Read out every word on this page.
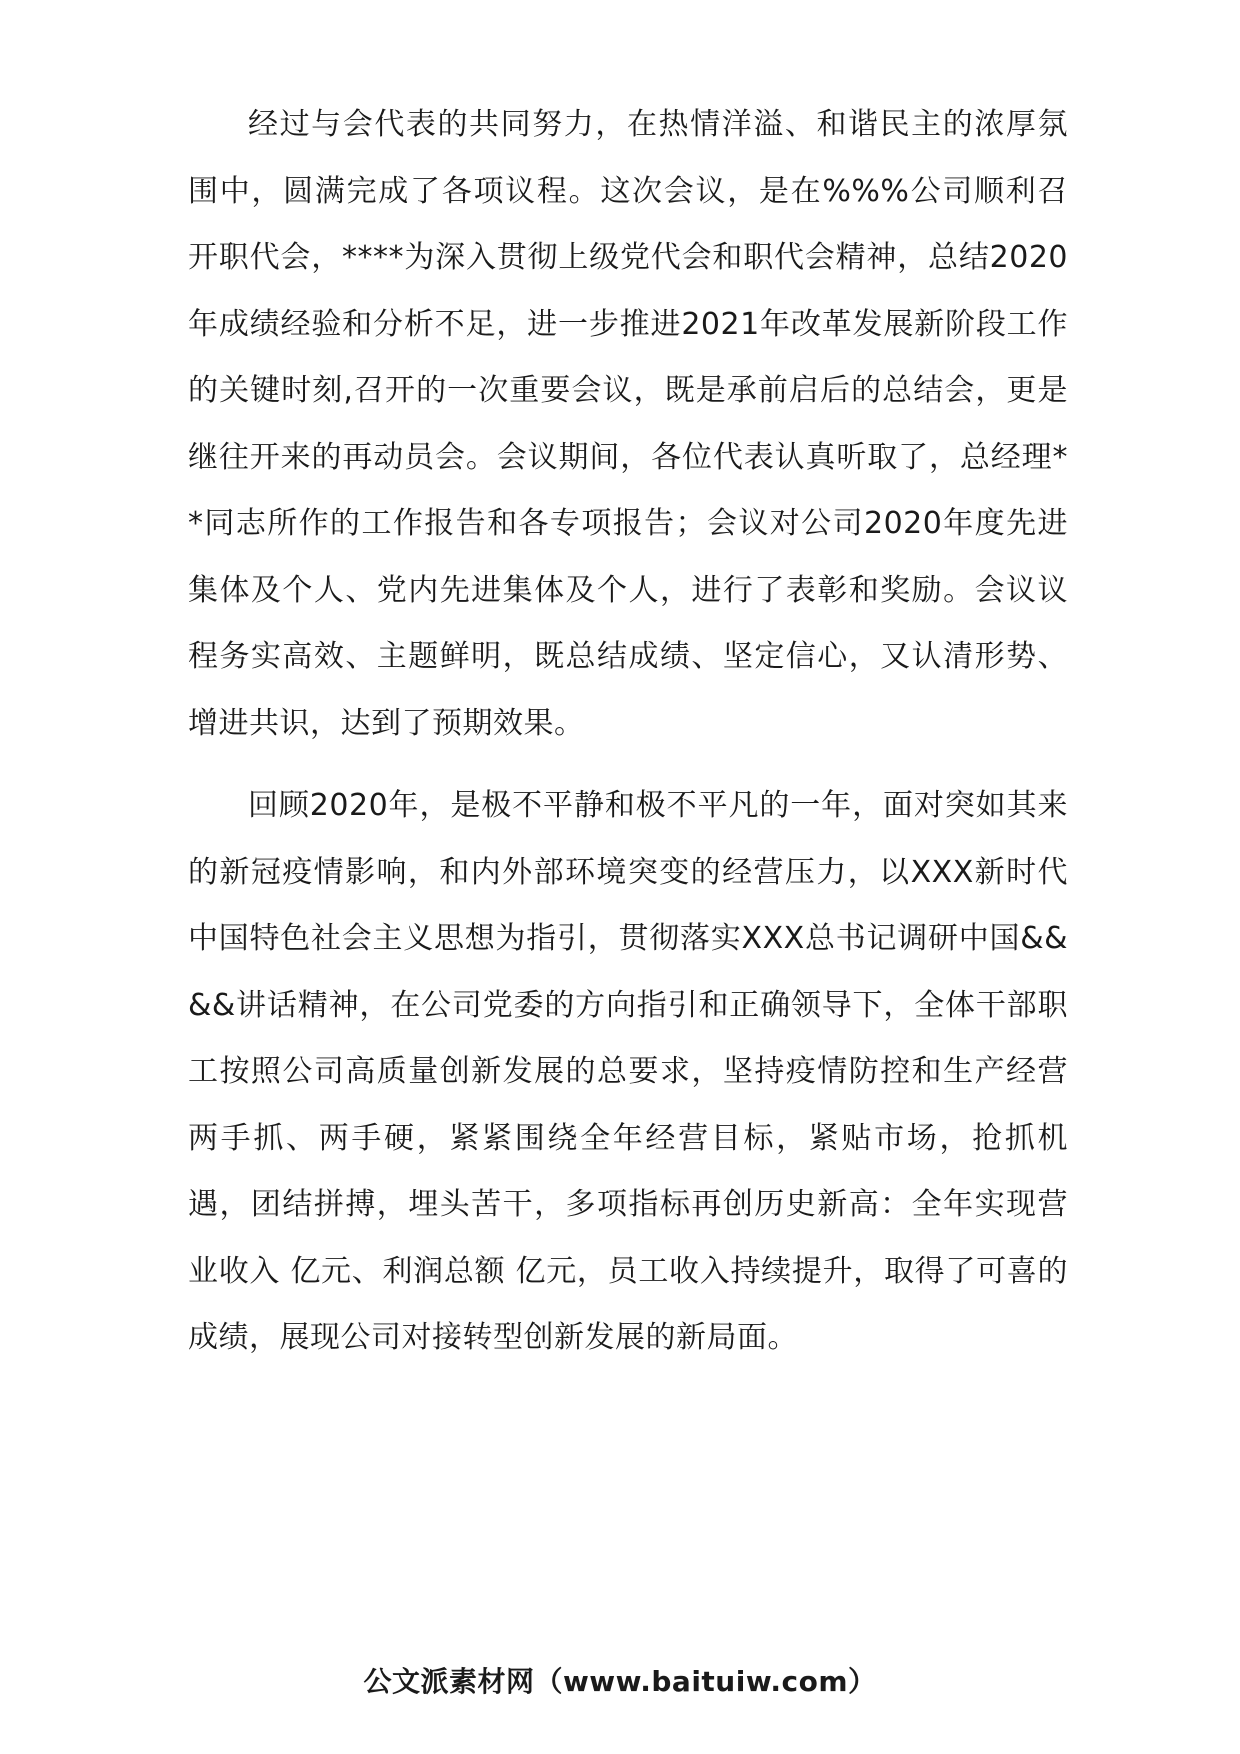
经过与会代表的共同努力，在热情洋溢、和谐民主的浓厚氛围中，圆满完成了各项议程。这次会议，是在%%%公司顺利召开职代会，****为深入贯彻上级党代会和职代会精神，总结2020年成绩经验和分析不足，进一步推进2021年改革发展新阶段工作的关键时刻,召开的一次重要会议，既是承前启后的总结会，更是继往开来的再动员会。会议期间，各位代表认真听取了，总经理**同志所作的工作报告和各专项报告；会议对公司2020年度先进集体及个人、党内先进集体及个人，进行了表彰和奖励。会议议程务实高效、主题鲜明，既总结成绩、坚定信心，又认清形势、增进共识，达到了预期效果。

回顾2020年，是极不平静和极不平凡的一年，面对突如其来的新冠疫情影响，和内外部环境突变的经营压力，以XXX新时代中国特色社会主义思想为指引，贯彻落实XXX总书记调研中国&&&&讲话精神，在公司党委的方向指引和正确领导下，全体干部职工按照公司高质量创新发展的总要求，坚持疫情防控和生产经营两手抓、两手硬，紧紧围绕全年经营目标，紧贴市场，抢抓机遇，团结拼搏，埋头苦干，多项指标再创历史新高：全年实现营业收入 亿元、利润总额 亿元，员工收入持续提升，取得了可喜的成绩，展现公司对接转型创新发展的新局面。

公文派素材网（www.baituiw.com）
